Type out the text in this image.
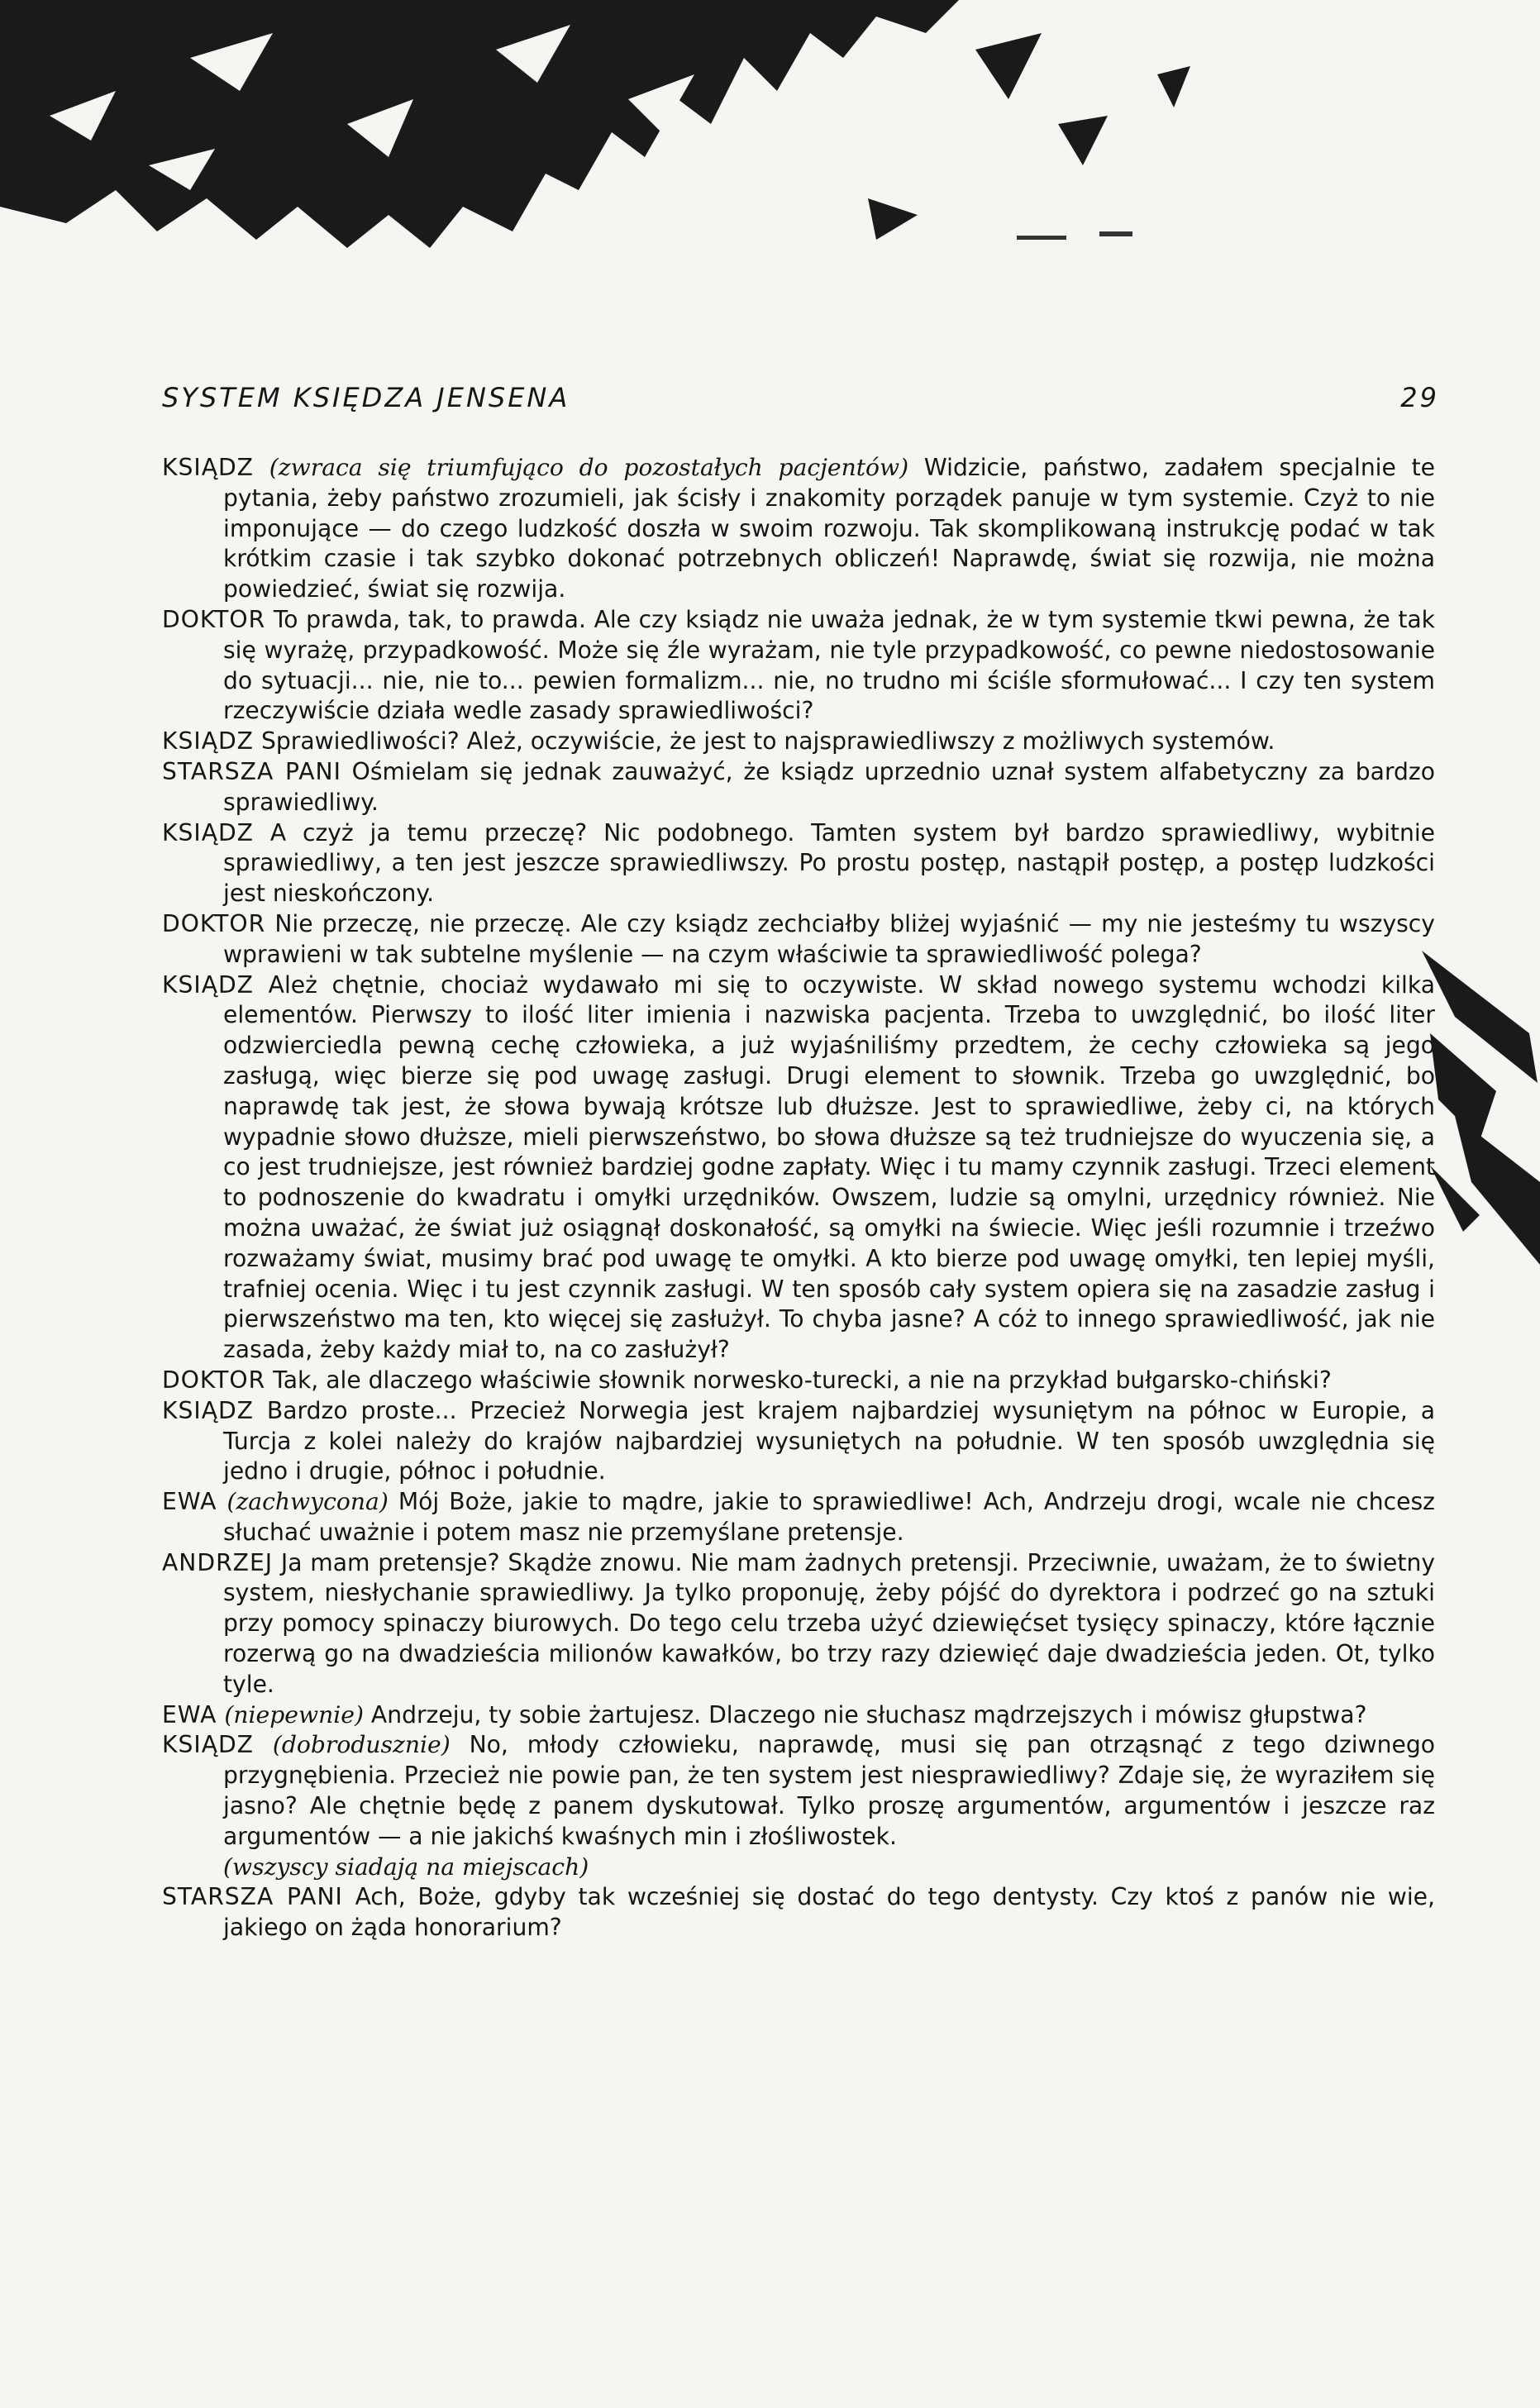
SYSTEM KSIĘDZA JENSENA	29

KSIĄDZ (zwraca się triumfująco do pozostałych pacjentów) Widzicie, państwo, zadałem specjalnie te pytania, żeby państwo zrozumieli, jak ścisły i znakomity porządek panuje w tym systemie. Czyż to nie imponujące — do czego ludzkość doszła w swoim rozwoju. Tak skomplikowaną instrukcję podać w tak krótkim czasie i tak szybko dokonać potrzebnych obliczeń! Naprawdę, świat się rozwija, nie można powiedzieć, świat się rozwija.

DOKTOR To prawda, tak, to prawda. Ale czy ksiądz nie uważa jednak, że w tym systemie tkwi pewna, że tak się wyrażę, przypadkowość. Może się źle wyrażam, nie tyle przypadkowość, co pewne niedostosowanie do sytuacji... nie, nie to... pewien formalizm... nie, no trudno mi ściśle sformułować... I czy ten system rzeczywiście działa wedle zasady sprawiedliwości?

KSIĄDZ Sprawiedliwości? Ależ, oczywiście, że jest to najsprawiedliwszy z możliwych systemów.

STARSZA PANI Ośmielam się jednak zauważyć, że ksiądz uprzednio uznał system alfabetyczny za bardzo sprawiedliwy.

KSIĄDZ A czyż ja temu przeczę? Nic podobnego. Tamten system był bardzo sprawiedliwy, wybitnie sprawiedliwy, a ten jest jeszcze sprawiedliwszy. Po prostu postęp, nastąpił postęp, a postęp ludzkości jest nieskończony.

DOKTOR Nie przeczę, nie przeczę. Ale czy ksiądz zechciałby bliżej wyjaśnić — my nie jesteśmy tu wszyscy wprawieni w tak subtelne myślenie — na czym właściwie ta sprawiedliwość polega?

KSIĄDZ Ależ chętnie, chociaż wydawało mi się to oczywiste. W skład nowego systemu wchodzi kilka elementów. Pierwszy to ilość liter imienia i nazwiska pacjenta. Trzeba to uwzględnić, bo ilość liter odzwierciedla pewną cechę człowieka, a już wyjaśniliśmy przedtem, że cechy człowieka są jego zasługą, więc bierze się pod uwagę zasługi. Drugi element to słownik. Trzeba go uwzględnić, bo naprawdę tak jest, że słowa bywają krótsze lub dłuższe. Jest to sprawiedliwe, żeby ci, na których wypadnie słowo dłuższe, mieli pierwszeństwo, bo słowa dłuższe są też trudniejsze do wyuczenia się, a co jest trudniejsze, jest również bardziej godne zapłaty. Więc i tu mamy czynnik zasługi. Trzeci element to podnoszenie do kwadratu i omyłki urzędników. Owszem, ludzie są omylni, urzędnicy również. Nie można uważać, że świat już osiągnął doskonałość, są omyłki na świecie. Więc jeśli rozumnie i trzeźwo rozważamy świat, musimy brać pod uwagę te omyłki. A kto bierze pod uwagę omyłki, ten lepiej myśli, trafniej ocenia. Więc i tu jest czynnik zasługi. W ten sposób cały system opiera się na zasadzie zasług i pierwszeństwo ma ten, kto więcej się zasłużył. To chyba jasne? A cóż to innego sprawiedliwość, jak nie zasada, żeby każdy miał to, na co zasłużył?

DOKTOR Tak, ale dlaczego właściwie słownik norwesko-turecki, a nie na przykład bułgarsko-chiński?

KSIĄDZ Bardzo proste... Przecież Norwegia jest krajem najbardziej wysuniętym na północ w Europie, a Turcja z kolei należy do krajów najbardziej wysuniętych na południe. W ten sposób uwzględnia się jedno i drugie, północ i południe.

EWA (zachwycona) Mój Boże, jakie to mądre, jakie to sprawiedliwe! Ach, Andrzeju drogi, wcale nie chcesz słuchać uważnie i potem masz nie przemyślane pretensje.

ANDRZEJ Ja mam pretensje? Skądże znowu. Nie mam żadnych pretensji. Przeciwnie, uważam, że to świetny system, niesłychanie sprawiedliwy. Ja tylko proponuję, żeby pójść do dyrektora i podrzeć go na sztuki przy pomocy spinaczy biurowych. Do tego celu trzeba użyć dziewięćset tysięcy spinaczy, które łącznie rozerwą go na dwadzieścia milionów kawałków, bo trzy razy dziewięć daje dwadzieścia jeden. Ot, tylko tyle.

EWA (niepewnie) Andrzeju, ty sobie żartujesz. Dlaczego nie słuchasz mądrzejszych i mówisz głupstwa?

KSIĄDZ (dobrodusznie) No, młody człowieku, naprawdę, musi się pan otrząsnąć z tego dziwnego przygnębienia. Przecież nie powie pan, że ten system jest niesprawiedliwy? Zdaje się, że wyraziłem się jasno? Ale chętnie będę z panem dyskutował. Tylko proszę argumentów, argumentów i jeszcze raz argumentów — a nie jakichś kwaśnych min i złośliwostek.

(wszyscy siadają na miejscach)

STARSZA PANI Ach, Boże, gdyby tak wcześniej się dostać do tego dentysty. Czy ktoś z panów nie wie, jakiego on żąda honorarium?
